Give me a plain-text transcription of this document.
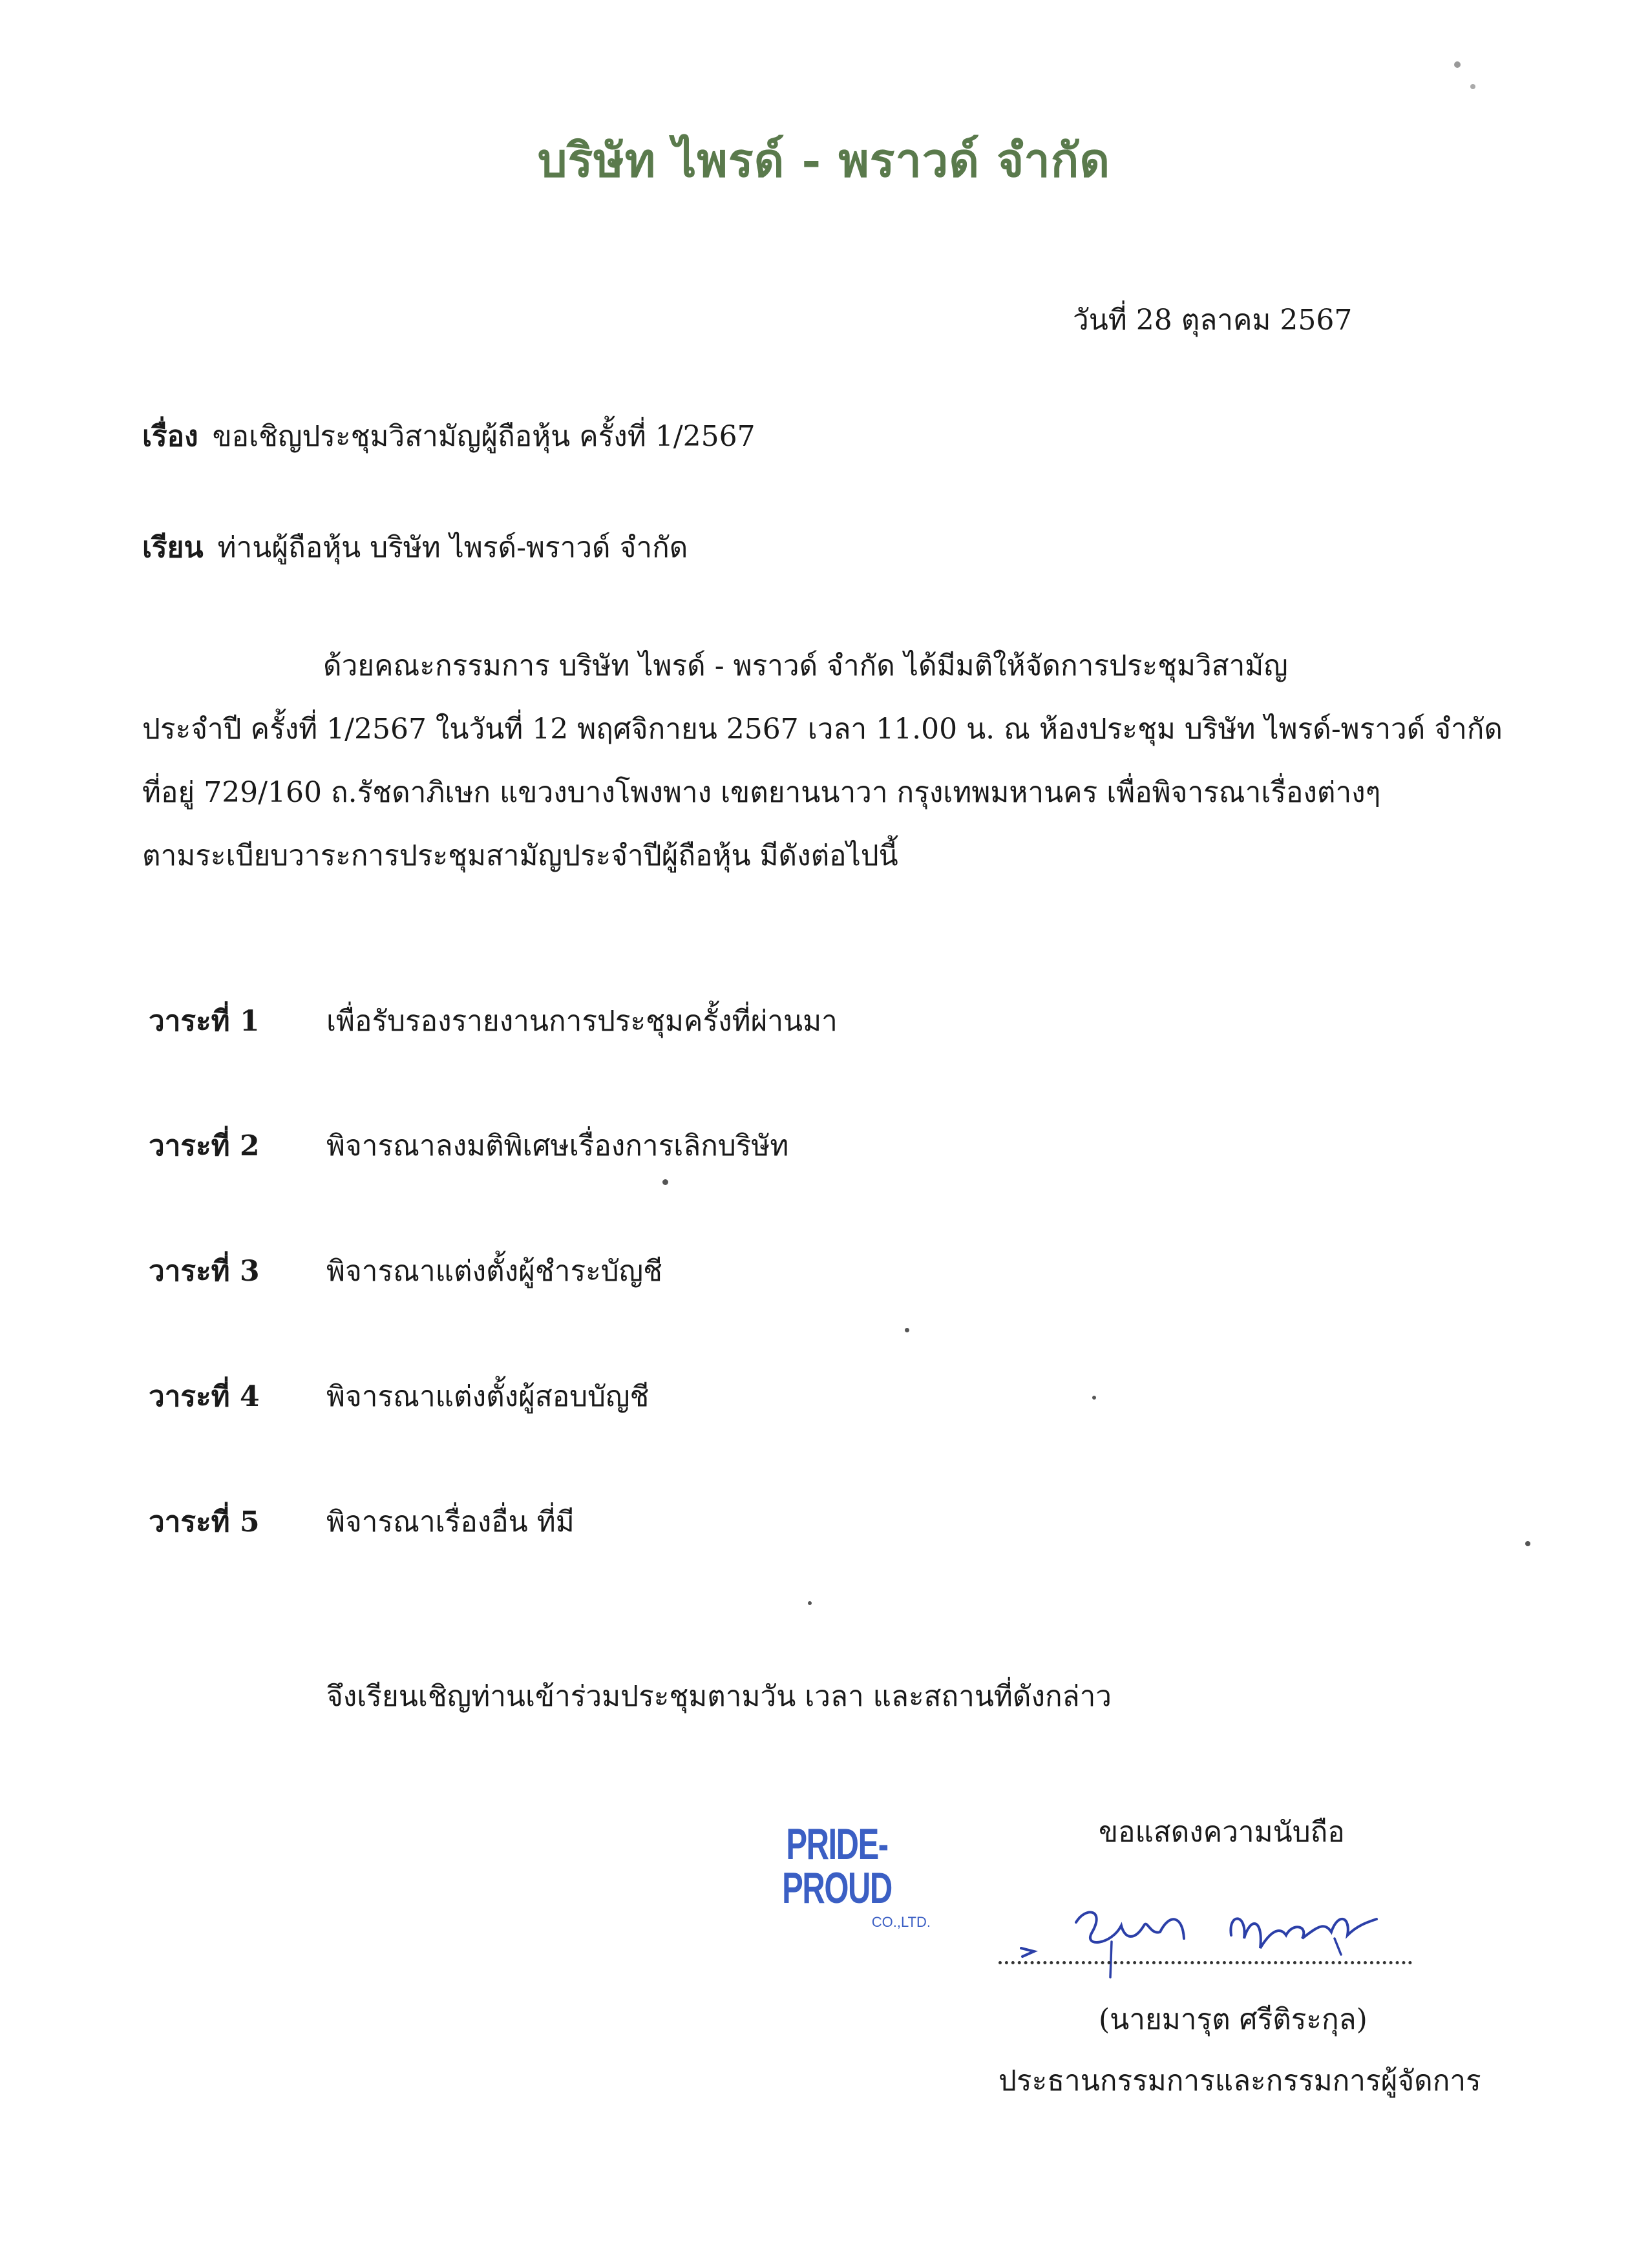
บริษัท ไพรด์ - พราวด์ จำกัด
วันที่ 28 ตุลาคม 2567
เรื่อง ขอเชิญประชุมวิสามัญผู้ถือหุ้น ครั้งที่ 1/2567
เรียน ท่านผู้ถือหุ้น บริษัท ไพรด์-พราวด์ จำกัด
ด้วยคณะกรรมการ บริษัท ไพรด์ - พราวด์ จำกัด ได้มีมติให้จัดการประชุมวิสามัญ
ประจำปี ครั้งที่ 1/2567 ในวันที่ 12 พฤศจิกายน 2567 เวลา 11.00 น. ณ ห้องประชุม บริษัท ไพรด์-พราวด์ จำกัด
ที่อยู่ 729/160 ถ.รัชดาภิเษก แขวงบางโพงพาง เขตยานนาวา กรุงเทพมหานคร เพื่อพิจารณาเรื่องต่างๆ
ตามระเบียบวาระการประชุมสามัญประจำปีผู้ถือหุ้น มีดังต่อไปนี้
วาระที่ 1 เพื่อรับรองรายงานการประชุมครั้งที่ผ่านมา
วาระที่ 2 พิจารณาลงมติพิเศษเรื่องการเลิกบริษัท
วาระที่ 3 พิจารณาแต่งตั้งผู้ชำระบัญชี
วาระที่ 4 พิจารณาแต่งตั้งผู้สอบบัญชี
วาระที่ 5 พิจารณาเรื่องอื่น ที่มี
จึงเรียนเชิญท่านเข้าร่วมประชุมตามวัน เวลา และสถานที่ดังกล่าว
ขอแสดงความนับถือ
PRIDE-PROUD
CO.,LTD.
(นายมารุต ศรีติระกุล)
ประธานกรรมการและกรรมการผู้จัดการ
